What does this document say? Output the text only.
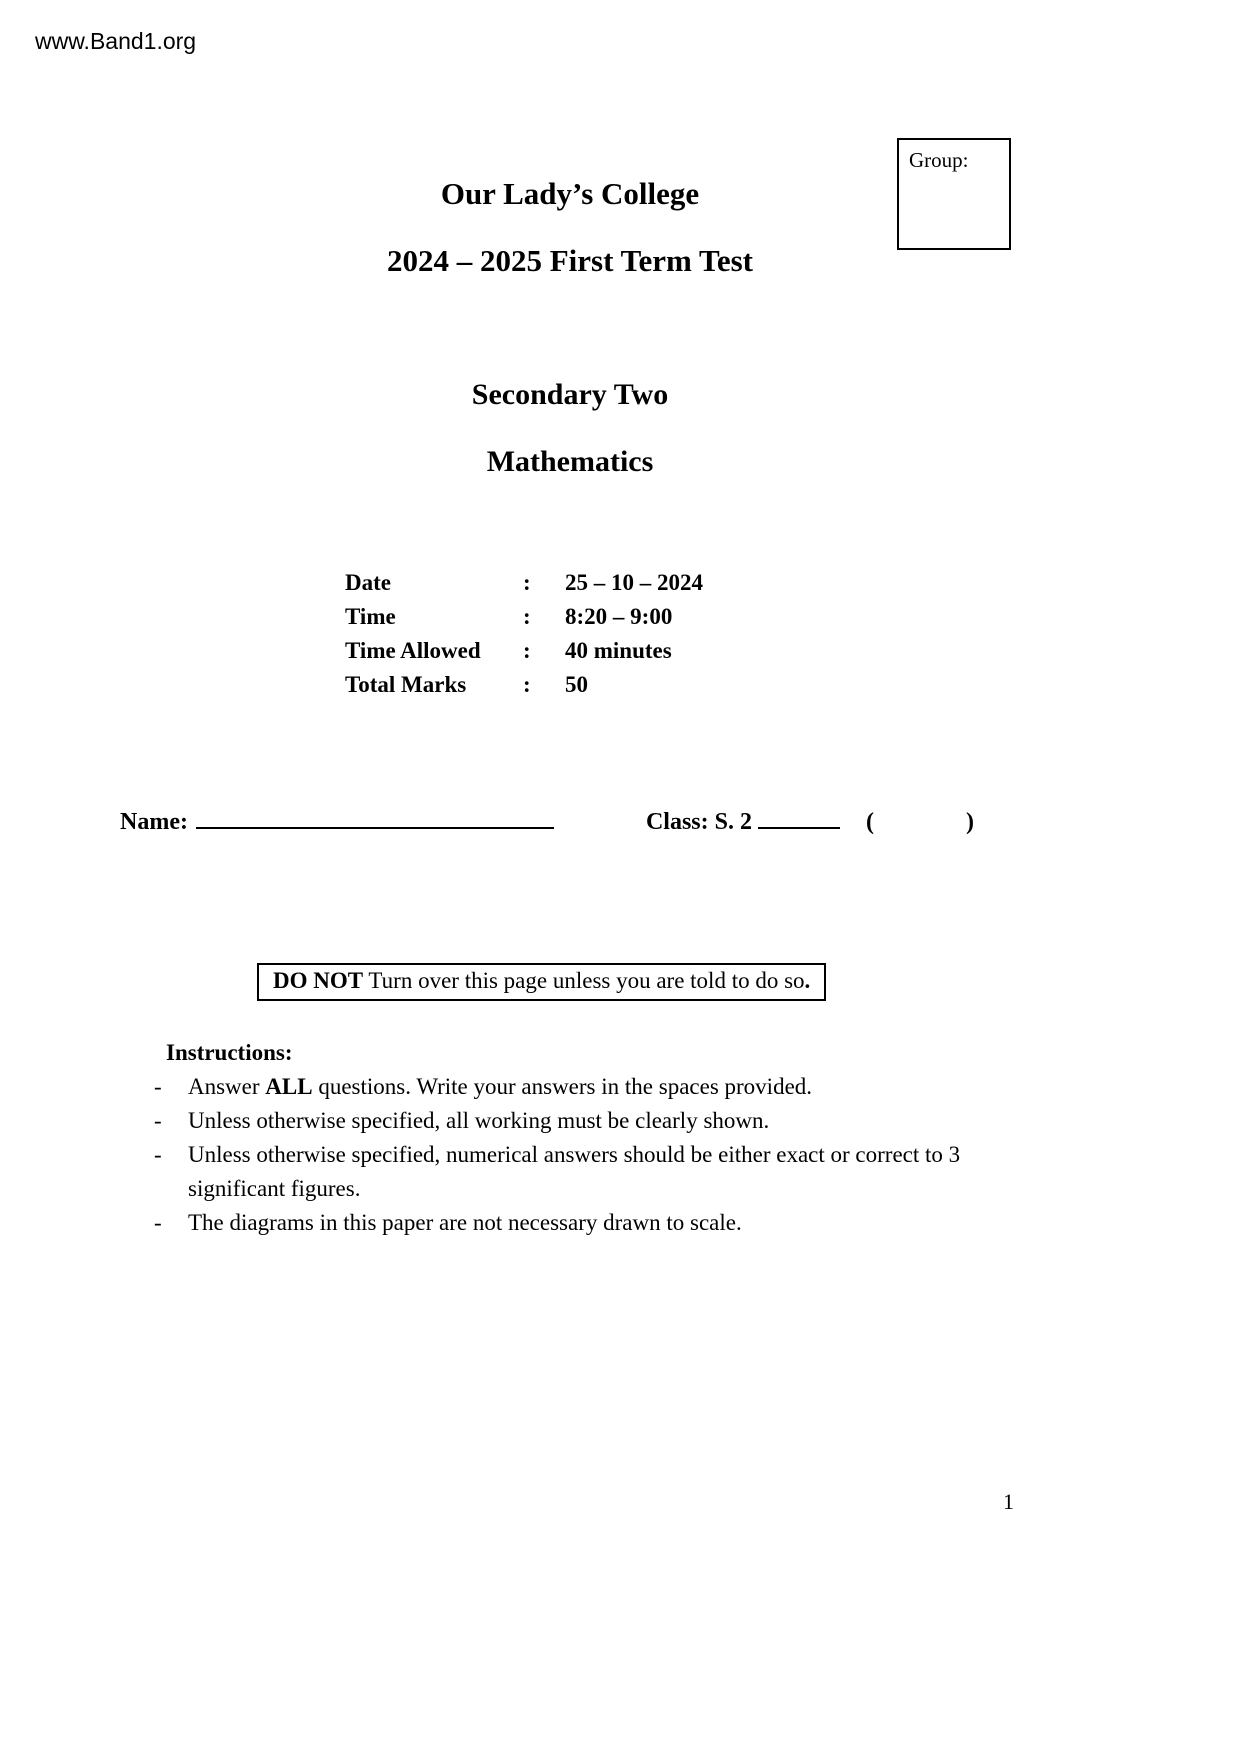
www.Band1.org
Group:
Our Lady’s College
2024 – 2025 First Term Test
Secondary Two
Mathematics
Date	:	25 – 10 – 2024
Time	:	8:20 – 9:00
Time Allowed	:	40 minutes
Total Marks	:	50
Name:	Class: S. 2	(	)
DO NOT Turn over this page unless you are told to do so.
Instructions:
-	Answer ALL questions. Write your answers in the spaces provided.
-	Unless otherwise specified, all working must be clearly shown.
-	Unless otherwise specified, numerical answers should be either exact or correct to 3 significant figures.
-	The diagrams in this paper are not necessary drawn to scale.
1
